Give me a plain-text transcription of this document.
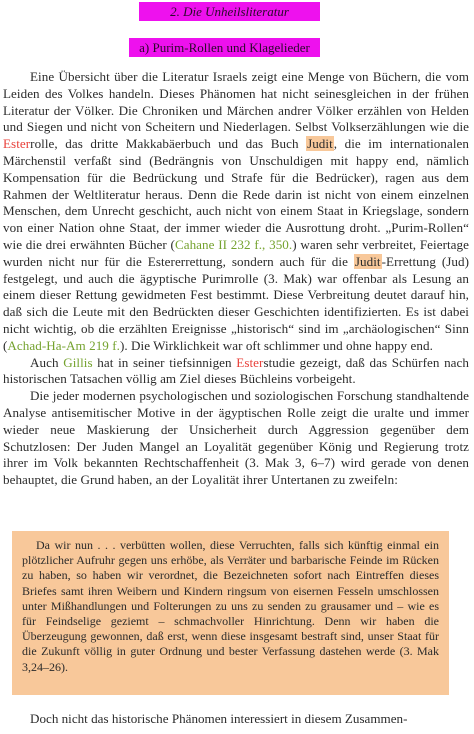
2. Die Unheilsliteratur
a) Purim-Rollen und Klagelieder

Eine Übersicht über die Literatur Israels zeigt eine Menge von Büchern, die vom Leiden des Volkes handeln. Dieses Phänomen hat nicht seinesgleichen in der frühen Literatur der Völker. Die Chroniken und Märchen andrer Völker erzählen von Helden und Siegen und nicht von Scheitern und Niederlagen. Selbst Volkserzählungen wie die Esterrolle, das dritte Makkabäerbuch und das Buch Judit, die im internationalen Märchenstil verfaßt sind (Bedrängnis von Unschuldigen mit happy end, nämlich Kompensation für die Bedrückung und Strafe für die Bedrücker), ragen aus dem Rahmen der Weltliteratur heraus. Denn die Rede darin ist nicht von einem einzelnen Menschen, dem Unrecht geschicht, auch nicht von einem Staat in Kriegslage, sondern von einer Nation ohne Staat, der immer wieder die Ausrottung droht. „Purim-Rollen“ wie die drei erwähnten Bücher (Cahane II 232 f., 350.) waren sehr verbreitet, Feiertage wurden nicht nur für die Estererrettung, sondern auch für die Judit-Errettung (Jud) festgelegt, und auch die ägyptische Purimrolle (3. Mak) war offenbar als Lesung an einem dieser Rettung gewidmeten Fest bestimmt. Diese Verbreitung deutet darauf hin, daß sich die Leute mit den Bedrückten dieser Geschichten identifizierten. Es ist dabei nicht wichtig, ob die erzählten Ereignisse „historisch“ sind im „archäologischen“ Sinn (Achad-Ha-Am 219 f.). Die Wirklichkeit war oft schlimmer und ohne happy end.

Auch Gillis hat in seiner tiefsinnigen Esterstudie gezeigt, daß das Schürfen nach historischen Tatsachen völlig am Ziel dieses Büchleins vorbeigeht.

Die jeder modernen psychologischen und soziologischen Forschung standhaltende Analyse antisemitischer Motive in der ägyptischen Rolle zeigt die uralte und immer wieder neue Maskierung der Unsicherheit durch Aggression gegenüber dem Schutzlosen: Der Juden Mangel an Loyalität gegenüber König und Regierung trotz ihrer im Volk bekannten Rechtschaffenheit (3. Mak 3, 6–7) wird gerade von denen behauptet, die Grund haben, an der Loyalität ihrer Untertanen zu zweifeln:

Da wir nun . . . verbütten wollen, diese Verruchten, falls sich künftig einmal ein plötzlicher Aufruhr gegen uns erhöbe, als Verräter und barbarische Feinde im Rücken zu haben, so haben wir verordnet, die Bezeichneten sofort nach Eintreffen dieses Briefes samt ihren Weibern und Kindern ringsum von eisernen Fesseln umschlossen unter Mißhandlungen und Folterungen zu uns zu senden zu grausamer und – wie es für Feindselige geziemt – schmachvoller Hinrichtung. Denn wir haben die Überzeugung gewonnen, daß erst, wenn diese insgesamt bestraft sind, unser Staat für die Zukunft völlig in guter Ordnung und bester Verfassung dastehen werde (3. Mak 3,24–26).

Doch nicht das historische Phänomen interessiert in diesem Zusammen-
